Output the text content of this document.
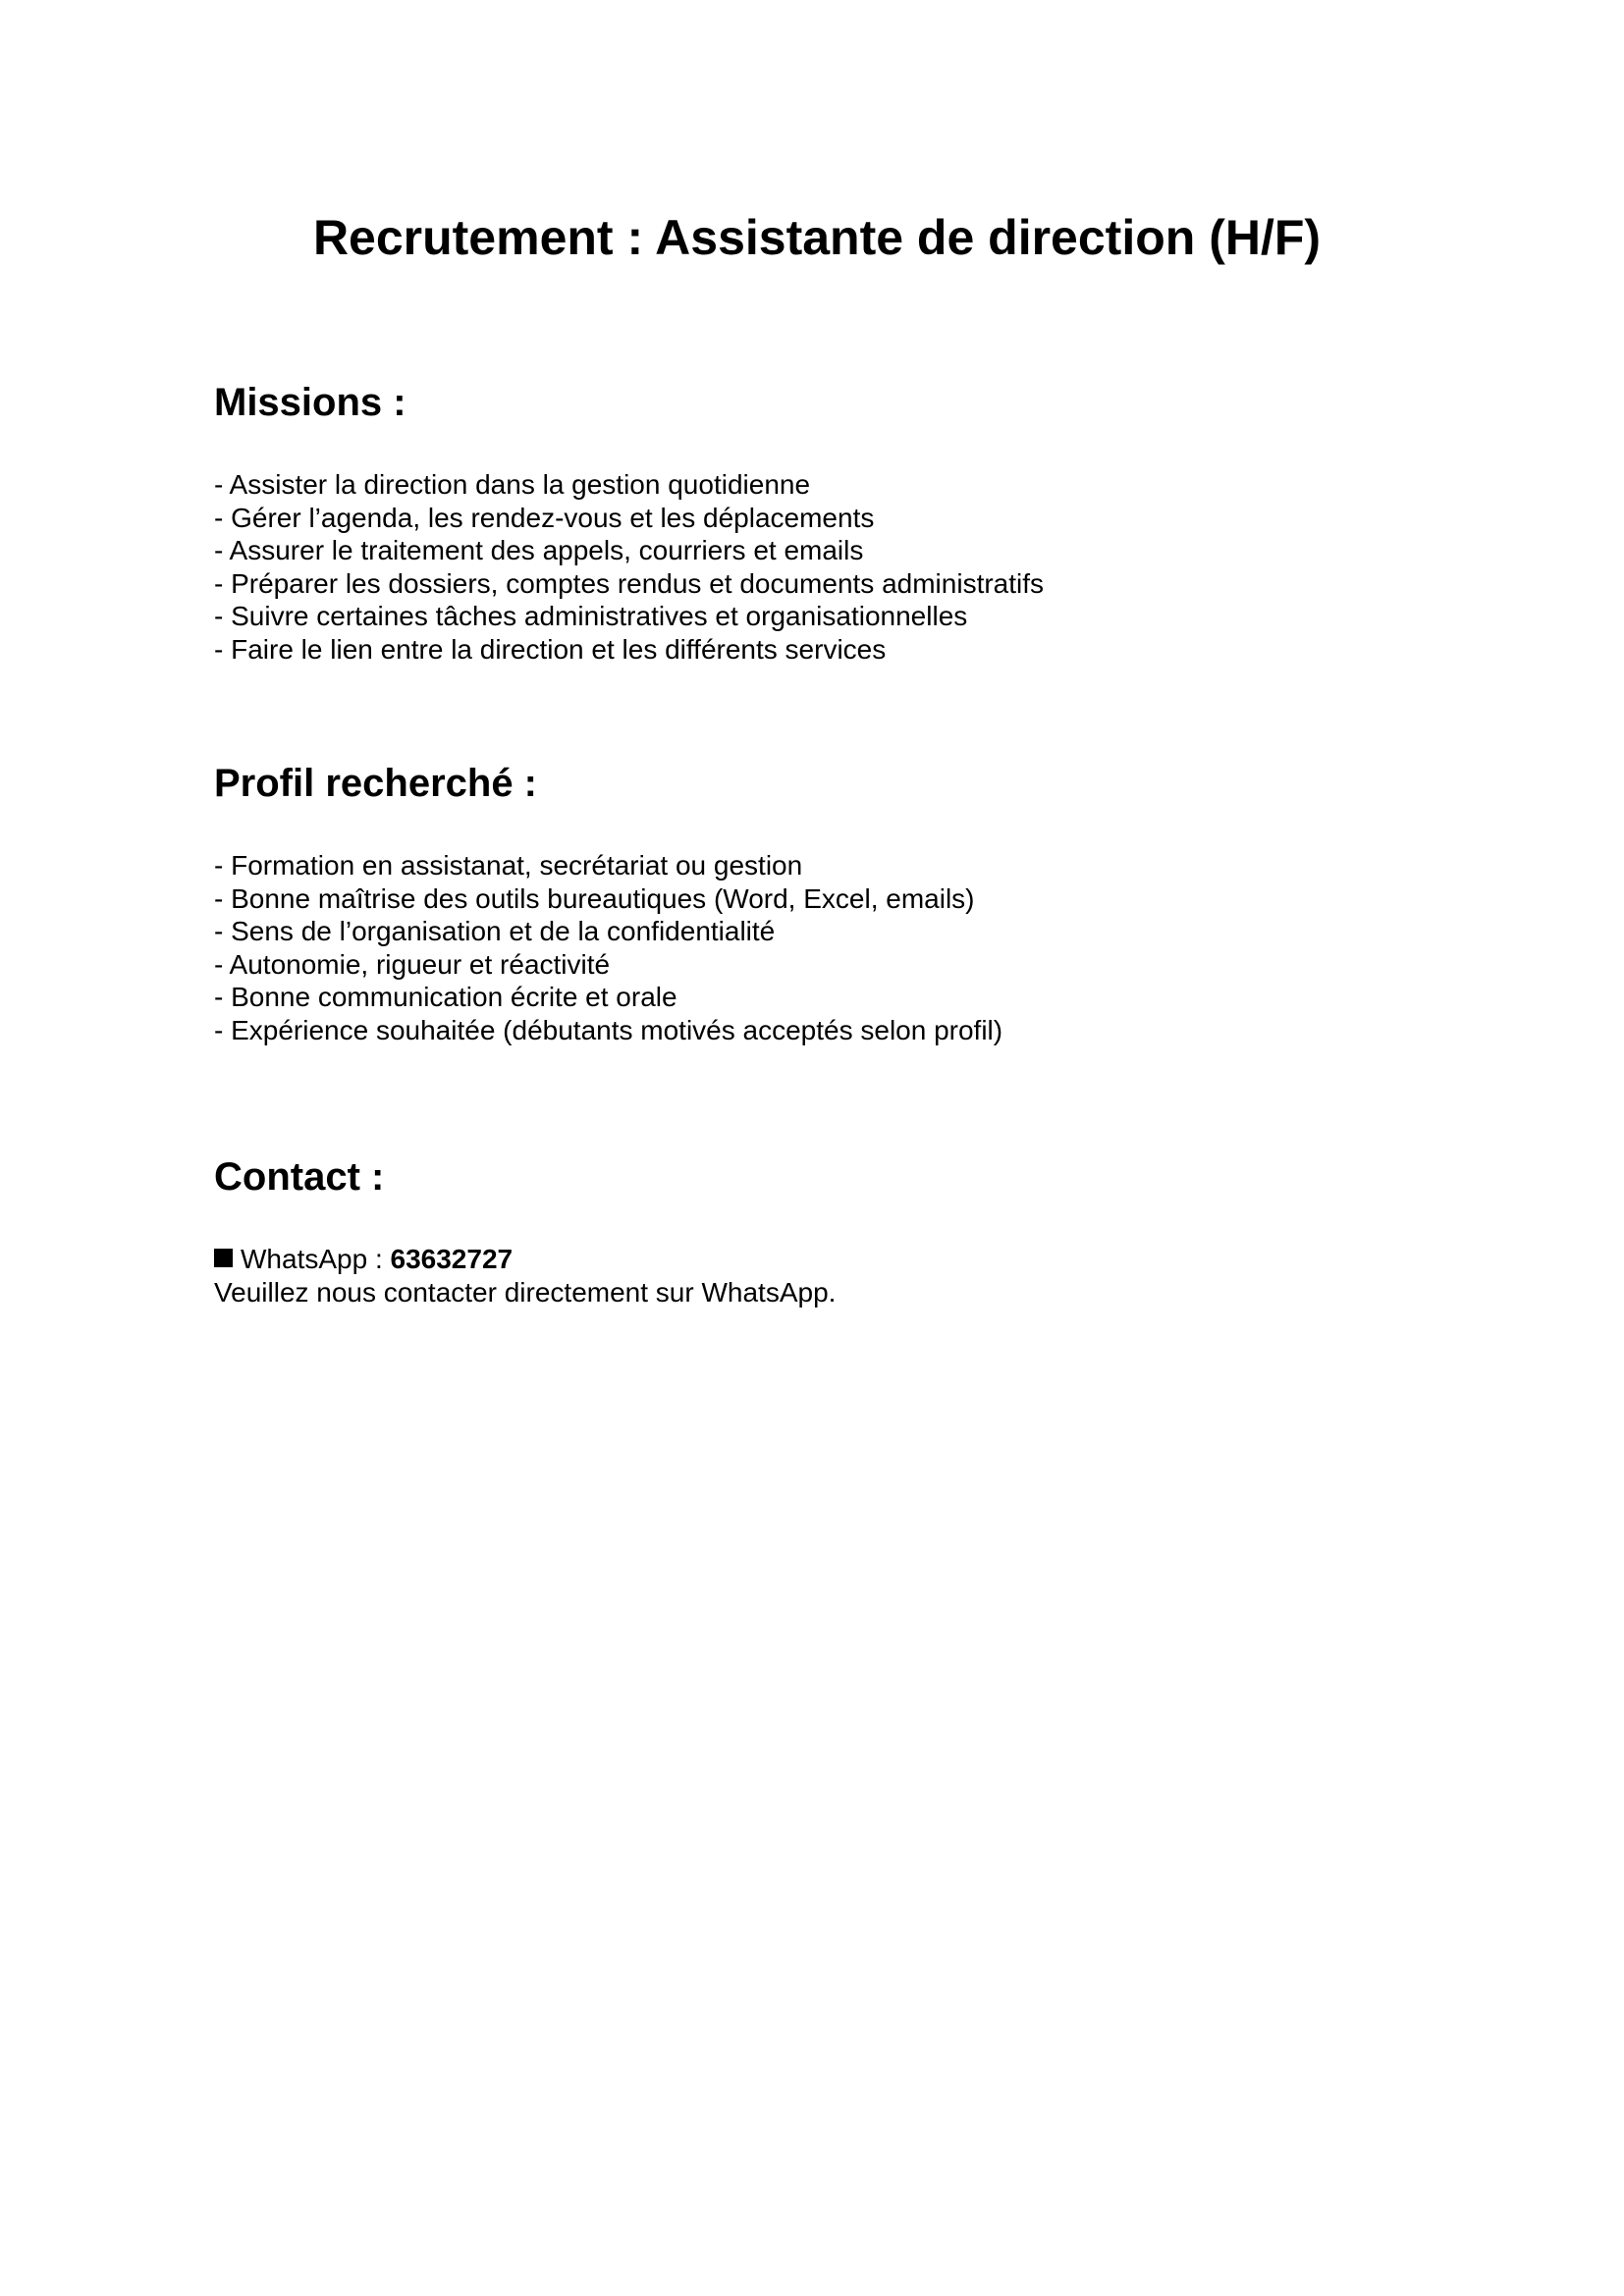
Recrutement : Assistante de direction (H/F)
Missions :
- Assister la direction dans la gestion quotidienne
- Gérer l’agenda, les rendez-vous et les déplacements
- Assurer le traitement des appels, courriers et emails
- Préparer les dossiers, comptes rendus et documents administratifs
- Suivre certaines tâches administratives et organisationnelles
- Faire le lien entre la direction et les différents services
Profil recherché :
- Formation en assistanat, secrétariat ou gestion
- Bonne maîtrise des outils bureautiques (Word, Excel, emails)
- Sens de l’organisation et de la confidentialité
- Autonomie, rigueur et réactivité
- Bonne communication écrite et orale
- Expérience souhaitée (débutants motivés acceptés selon profil)
Contact :

WhatsApp : 63632727

Veuillez nous contacter directement sur WhatsApp.
